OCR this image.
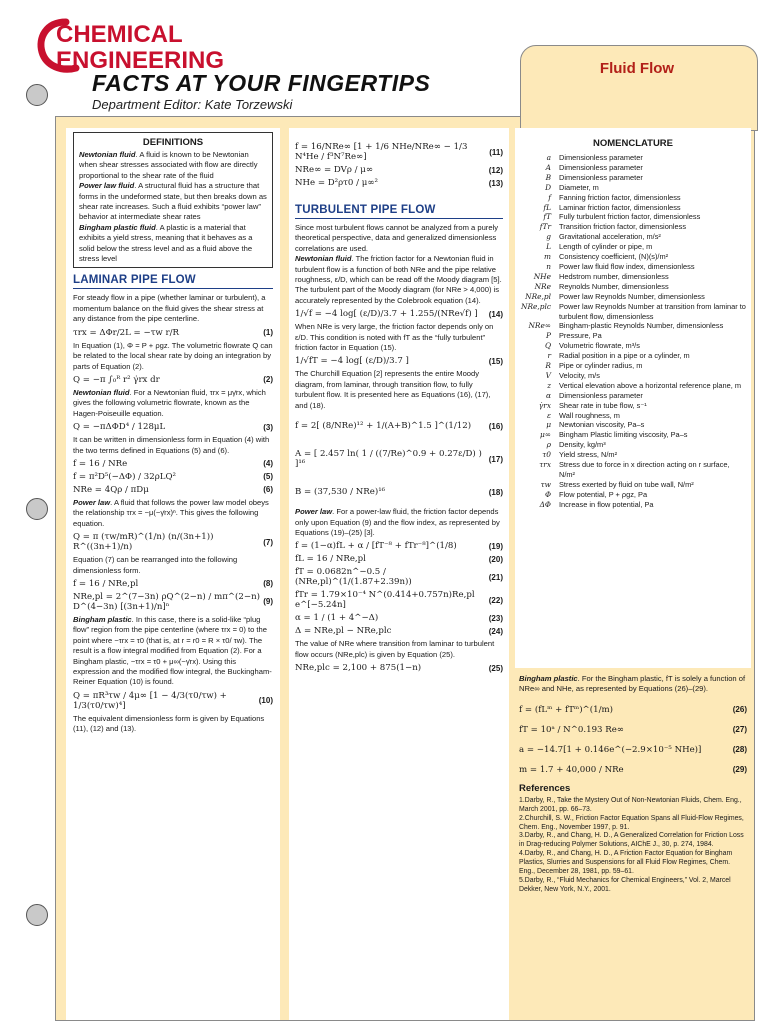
CHEMICAL
ENGINEERING
FACTS AT YOUR FINGERTIPS
Department Editor: Kate Torzewski
Fluid Flow
DEFINITIONS

Newtonian fluid. A fluid is known to be Newtonian when shear stresses associated with flow are directly proportional to the shear rate of the fluid

Power law fluid. A structural fluid has a structure that forms in the undeformed state, but then breaks down as shear rate increases. Such a fluid exhibits “power law” behavior at intermediate shear rates

Bingham plastic fluid. A plastic is a material that exhibits a yield stress, meaning that it behaves as a solid below the stress level and as a fluid above the stress level

LAMINAR PIPE FLOW

For steady flow in a pipe (whether laminar or turbulent), a momentum balance on the fluid gives the shear stress at any distance from the pipe centerline.

τrx = ΔΦr/2L = −τw r/R	(1)

In Equation (1), Φ = P + ρgz. The volumetric flowrate Q can be related to the local shear rate by doing an integration by parts of Equation (2).

Q = −π ∫₀ᴿ r² γ̇rx dr	(2)

Newtonian fluid. For a Newtonian fluid, τrx = μγ̇rx, which gives the following volumetric flowrate, known as the Hagen-Poiseuille equation.

Q = −πΔΦD⁴ / 128μL	(3)

It can be written in dimensionless form in Equation (4) with the two terms defined in Equations (5) and (6).

f = 16 / NRe	(4)
f = π²D⁵(−ΔΦ) / 32ρLQ²	(5)
NRe = 4Qρ / πDμ	(6)

Power law. A fluid that follows the power law model obeys the relationship τrx = −μ(−γ̇rx)ⁿ. This gives the following equation.

Q = π (τw/mR)^(1/n) (n/(3n+1)) R^((3n+1)/n)	(7)

Equation (7) can be rearranged into the following dimensionless form.

f = 16 / NRe,pl	(8)
NRe,pl = 2^(7−3n) ρQ^(2−n) / mπ^(2−n) D^(4−3n) [(3n+1)/n]ⁿ	(9)

Bingham plastic. In this case, there is a solid-like “plug flow” region from the pipe centerline (where τrx = 0) to the point where −τrx = τ0 (that is, at r = r0 = R × τ0/ τw). The result is a flow integral modified from Equation (2). For a Bingham plastic, −τrx = τ0 + μ∞(−γ̇rx). Using this expression and the modified flow integral, the Buckingham-Reiner Equation (10) is found.

Q = πR³τw / 4μ∞ [1 − 4/3(τ0/τw) + 1/3(τ0/τw)⁴]	(10)

The equivalent dimensionless form is given by Equations (11), (12) and (13).

f = 16/NRe∞ [1 + 1/6 NHe/NRe∞ − 1/3 N⁴He / f³N⁷Re∞]	(11)
NRe∞ = DVρ / μ∞	(12)
NHe = D²ρτ0 / μ∞²	(13)
TURBULENT PIPE FLOW

Since most turbulent flows cannot be analyzed from a purely theoretical perspective, data and generalized dimensionless correlations are used.

Newtonian fluid. The friction factor for a Newtonian fluid in turbulent flow is a function of both NRe and the pipe relative roughness, ε/D, which can be read off the Moody diagram [5]. The turbulent part of the Moody diagram (for NRe > 4,000) is accurately represented by the Colebrook equation (14).

1/√f = −4 log[ (ε/D)/3.7 + 1.255/(NRe√f) ] (14)

When NRe is very large, the friction factor depends only on ε/D. This condition is noted with fT as the “fully turbulent” friction factor in Equation (15).

1/√fT = −4 log[ (ε/D)/3.7 ]	(15)

The Churchill Equation [2] represents the entire Moody diagram, from laminar, through transition flow, to fully turbulent flow. It is presented here as Equations (16), (17), and (18).

f = 2[ (8/NRe)¹² + 1/(A+B)^1.5 ]^(1/12) (16)
A = [ 2.457 ln( 1 / ((7/Re)^0.9 + 0.27ε/D) ) ]¹⁶	(17)
B = (37,530 / NRe)¹⁶	(18)

Power law. For a power-law fluid, the friction factor depends only upon Equation (9) and the flow index, as represented by Equations (19)–(25) [3].

f = (1−α)fL + α / [fT⁻⁸ + fTr⁻⁸]^(1/8)	(19)
fL = 16 / NRe,pl	(20)
fT = 0.0682n^−0.5 / (NRe,pl)^(1/(1.87+2.39n))	(21)
fTr = 1.79×10⁻⁴ N^(0.414+0.757n)Re,pl e^[−5.24n]	(22)
α = 1 / (1 + 4^−Δ)	(23)
Δ = NRe,pl − NRe,plc	(24)

The value of NRe where transition from laminar to turbulent flow occurs (NRe,plc) is given by Equation (25).

NRe,plc = 2,100 + 875(1−n)	(25)
NOMENCLATURE
a	Dimensionless parameter
A	Dimensionless parameter
B	Dimensionless parameter
D	Diameter, m
f	Fanning friction factor, dimensionless
fL	Laminar friction factor, dimensionless
fT	Fully turbulent friction factor, dimensionless
fTr	Transition friction factor, dimensionless
g	Gravitational acceleration, m/s²
L	Length of cylinder or pipe, m
m	Consistency coefficient, (N)(s)/m²
n	Power law fluid flow index, dimensionless
NHe	Hedstrom number, dimensionless
NRe	Reynolds Number, dimensionless
NRe,pl	Power law Reynolds Number, dimensionless
NRe,plc	Power law Reynolds Number at transition from laminar to turbulent flow, dimensionless
NRe∞	Bingham-plastic Reynolds Number, dimensionless
P	Pressure, Pa
Q	Volumetric flowrate, m³/s
r	Radial position in a pipe or a cylinder, m
R	Pipe or cylinder radius, m
V	Velocity, m/s
z	Vertical elevation above a horizontal reference plane, m
α	Dimensionless parameter
γ̇rx	Shear rate in tube flow, s⁻¹
ε	Wall roughness, m
μ	Newtonian viscosity, Pa–s
μ∞	Bingham Plastic limiting viscosity, Pa–s
ρ	Density, kg/m³
τ0	Yield stress, N/m²
τrx	Stress due to force in x direction acting on r surface, N/m²
τw	Stress exerted by fluid on tube wall, N/m²
Φ	Flow potential, P + ρgz, Pa
ΔΦ	Increase in flow potential, Pa

Bingham plastic. For the Bingham plastic, fT is solely a function of NRe∞ and NHe, as represented by Equations (26)–(29).

f = (fLᵐ + fTᵐ)^(1/m)	(26)
fT = 10ᵃ / N^0.193 Re∞	(27)
a = −14.7[1 + 0.146e^(−2.9×10⁻⁵ NHe)]	(28)
m = 1.7 + 40,000 / NRe	(29)
References

1.Darby, R., Take the Mystery Out of Non-Newtonian Fluids, Chem. Eng., March 2001, pp. 66–73.

2.Churchill, S. W., Friction Factor Equation Spans all Fluid-Flow Regimes, Chem. Eng., November 1997, p. 91.

3.Darby, R., and Chang, H. D., A Generalized Correlation for Friction Loss in Drag-reducing Polymer Solutions, AIChE J., 30, p. 274, 1984.

4.Darby, R., and Chang, H. D., A Friction Factor Equation for Bingham Plastics, Slurries and Suspensions for all Fluid Flow Regimes, Chem. Eng., December 28, 1981, pp. 59–61.

5.Darby, R., “Fluid Mechanics for Chemical Engineers,” Vol. 2, Marcel Dekker, New York, N.Y., 2001.
